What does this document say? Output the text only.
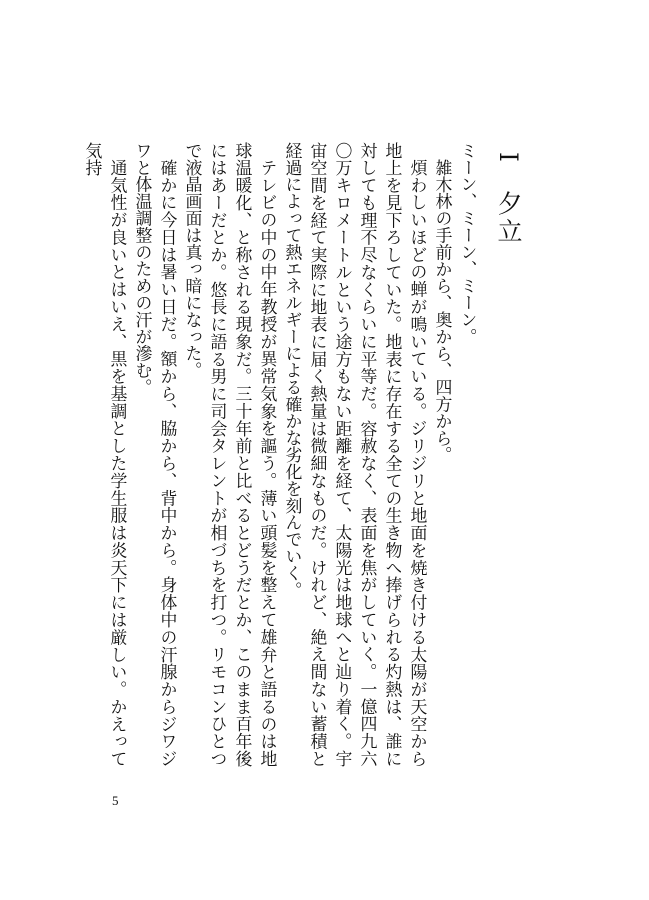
I夕立

ミーン、ミーン、ミーン。

雑木林の手前から、奥から、四方から。

煩わしいほどの蝉が鳴いている。ジリジリと地面を焼き付ける太陽が天空から地上を見下ろしていた。地表に存在する全ての生き物へ捧げられる灼熱は、誰に対しても理不尽なくらいに平等だ。容赦なく、表面を焦がしていく。一億四九六〇万キロメートルという途方もない距離を経て、太陽光は地球へと辿り着く。宇宙空間を経て実際に地表に届く熱量は微細なものだ。けれど、絶え間ない蓄積と経過によって熱エネルギーによる確かな劣化を刻んでいく。

テレビの中の中年教授が異常気象を謳う。薄い頭髪を整えて雄弁と語るのは地球温暖化、と称される現象だ。三十年前と比べるとどうだとか、このまま百年後にはあーだとか。悠長に語る男に司会タレントが相づちを打つ。リモコンひとつで液晶画面は真っ暗になった。

確かに今日は暑い日だ。額から、脇から、背中から。身体中の汗腺からジワジワと体温調整のための汗が滲む。

通気性が良いとはいえ、黒を基調とした学生服は炎天下には厳しい。かえって気持

5
